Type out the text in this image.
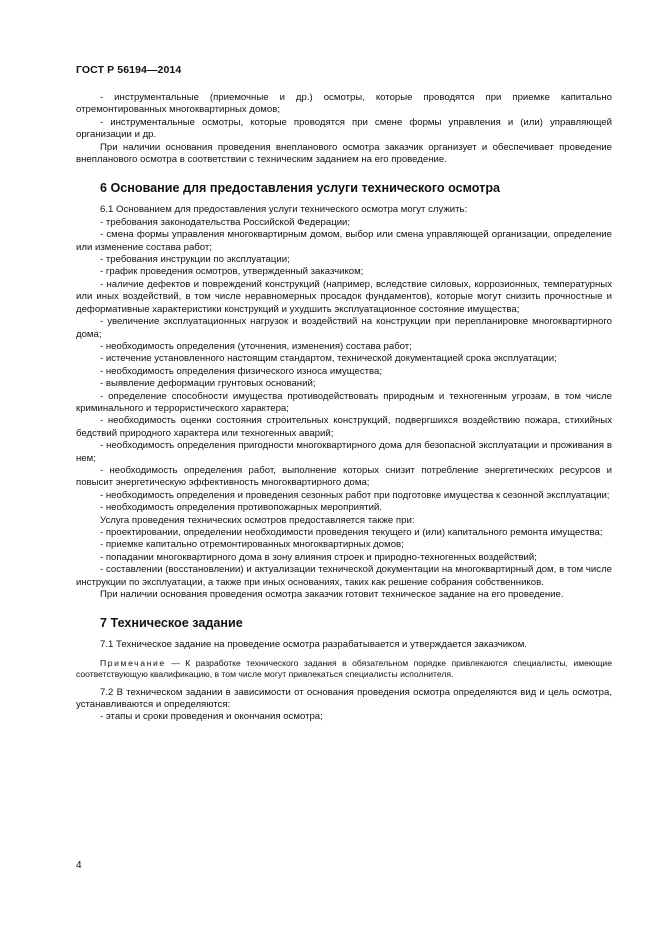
ГОСТ Р 56194—2014
- инструментальные (приемочные и др.) осмотры, которые проводятся при приемке капитально отремонтированных многоквартирных домов;
- инструментальные осмотры, которые проводятся при смене формы управления и (или) управляющей организации и др.
При наличии основания проведения внепланового осмотра заказчик организует и обеспечивает проведение внепланового осмотра в соответствии с техническим заданием на его проведение.
6 Основание для предоставления услуги технического осмотра
6.1 Основанием для предоставления услуги технического осмотра могут служить:
- требования законодательства Российской Федерации;
- смена формы управления многоквартирным домом, выбор или смена управляющей организации, определение или изменение состава работ;
- требования инструкции по эксплуатации;
- график проведения осмотров, утвержденный заказчиком;
- наличие дефектов и повреждений конструкций (например, вследствие силовых, коррозионных, температурных или иных воздействий, в том числе неравномерных просадок фундаментов), которые могут снизить прочностные и деформативные характеристики конструкций и ухудшить эксплуатационное состояние имущества;
- увеличение эксплуатационных нагрузок и воздействий на конструкции при перепланировке многоквартирного дома;
- необходимость определения (уточнения, изменения) состава работ;
- истечение установленного настоящим стандартом, технической документацией срока эксплуатации;
- необходимость определения физического износа имущества;
- выявление деформации грунтовых оснований;
- определение способности имущества противодействовать природным и техногенным угрозам, в том числе криминального и террористического характера;
- необходимость оценки состояния строительных конструкций, подвергшихся воздействию пожара, стихийных бедствий природного характера или техногенных аварий;
- необходимость определения пригодности многоквартирного дома для безопасной эксплуатации и проживания в нем;
- необходимость определения работ, выполнение которых снизит потребление энергетических ресурсов и повысит энергетическую эффективность многоквартирного дома;
- необходимость определения и проведения сезонных работ при подготовке имущества к сезонной эксплуатации;
- необходимость определения противопожарных мероприятий.
Услуга проведения технических осмотров предоставляется также при:
- проектировании, определении необходимости проведения текущего и (или) капитального ремонта имущества;
- приемке капитально отремонтированных многоквартирных домов;
- попадании многоквартирного дома в зону влияния строек и природно-техногенных воздействий;
- составлении (восстановлении) и актуализации технической документации на многоквартирный дом, в том числе инструкции по эксплуатации, а также при иных основаниях, таких как решение собрания собственников.
При наличии основания проведения осмотра заказчик готовит техническое задание на его проведение.
7 Техническое задание
7.1 Техническое задание на проведение осмотра разрабатывается и утверждается заказчиком.
Примечание — К разработке технического задания в обязательном порядке привлекаются специалисты, имеющие соответствующую квалификацию, в том числе могут привлекаться специалисты исполнителя.
7.2 В техническом задании в зависимости от основания проведения осмотра определяются вид и цель осмотра, устанавливаются и определяются:
- этапы и сроки проведения и окончания осмотра;
4
